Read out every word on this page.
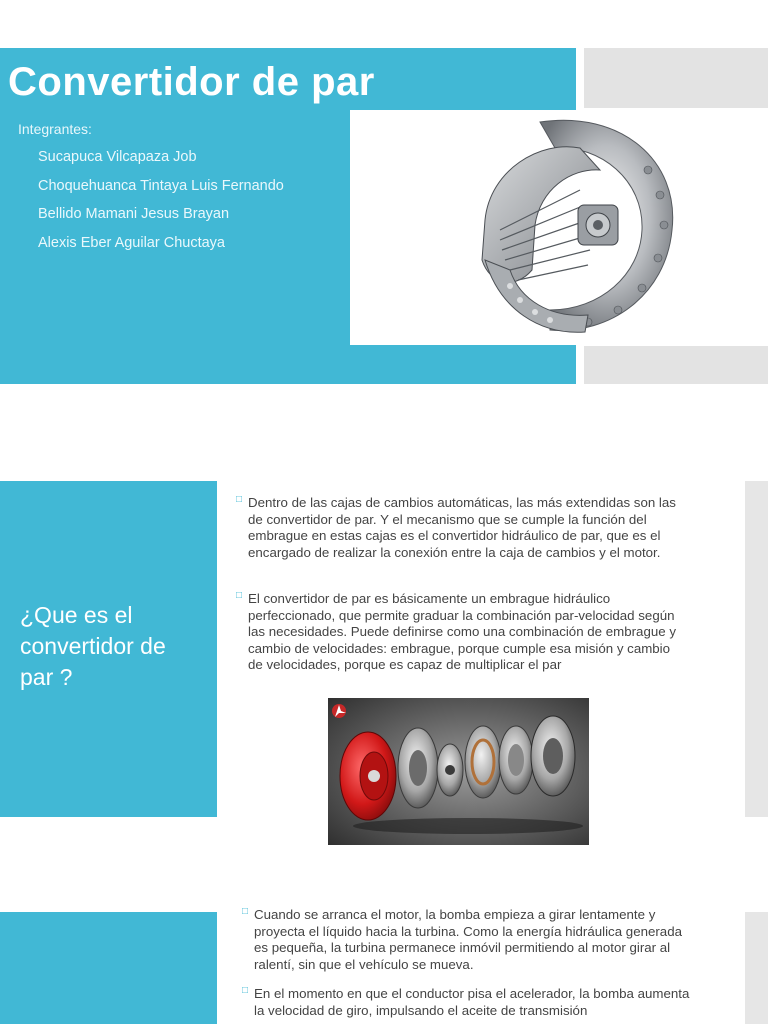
Convertidor de par
Integrantes:
Sucapuca Vilcapaza Job
Choquehuanca Tintaya Luis Fernando
Bellido Mamani Jesus Brayan
Alexis Eber Aguilar Chuctaya
¿Que es el convertidor de par ?
□ Dentro de las cajas de cambios automáticas, las más extendidas son las de convertidor de par. Y el mecanismo que se cumple la función del embrague en estas cajas es el convertidor hidráulico de par, que es el encargado de realizar la conexión entre la caja de cambios y el motor.
□ El convertidor de par es básicamente un embrague hidráulico perfeccionado, que permite graduar la combinación par-velocidad según las necesidades. Puede definirse como una combinación de embrague y cambio de velocidades: embrague, porque cumple esa misión y cambio de velocidades, porque es capaz de multiplicar el par
□ Cuando se arranca el motor, la bomba empieza a girar lentamente y proyecta el líquido hacia la turbina. Como la energía hidráulica generada es pequeña, la turbina permanece inmóvil permitiendo al motor girar al ralentí, sin que el vehículo se mueva.
□ En el momento en que el conductor pisa el acelerador, la bomba aumenta la velocidad de giro, impulsando el aceite de transmisión
